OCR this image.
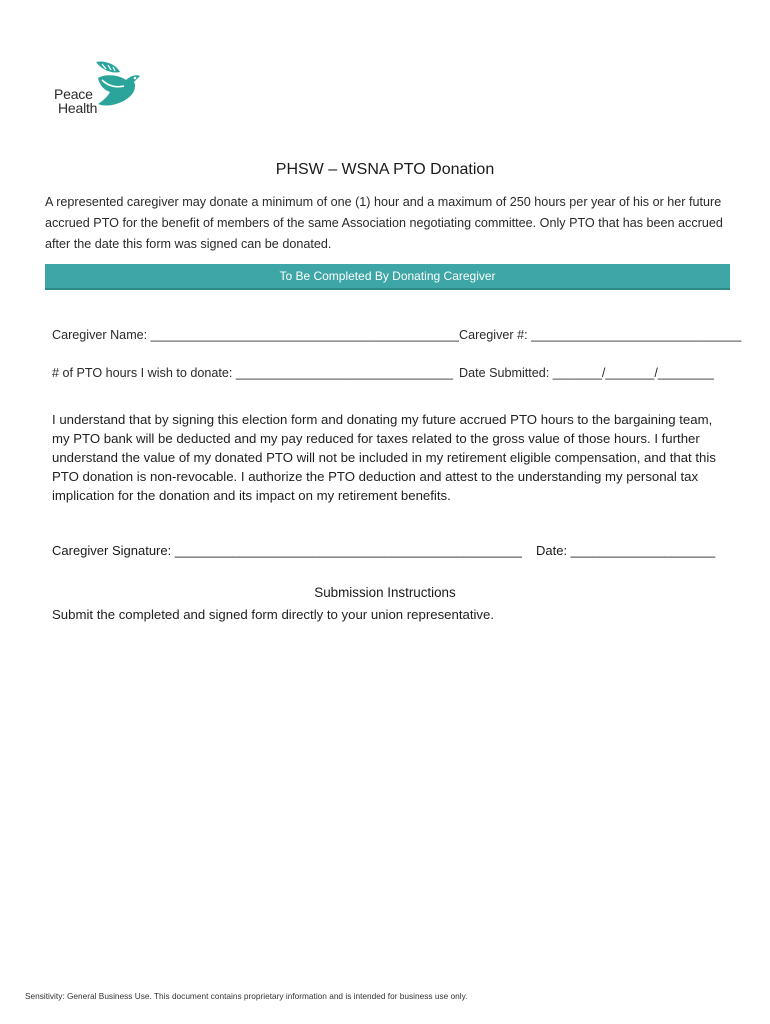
Peace
Health
PHSW – WSNA PTO Donation
A represented caregiver may donate a minimum of one (1) hour and a maximum of 250 hours per year of his or her future accrued PTO for the benefit of members of the same Association negotiating committee. Only PTO that has been accrued after the date this form was signed can be donated.
To Be Completed By Donating Caregiver
Caregiver Name: ____________________________________________ Caregiver #: ______________________________
# of PTO hours I wish to donate: _______________________________ Date Submitted: _______/_______/________
I understand that by signing this election form and donating my future accrued PTO hours to the bargaining team, my PTO bank will be deducted and my pay reduced for taxes related to the gross value of those hours. I further understand the value of my donated PTO will not be included in my retirement eligible compensation, and that this PTO donation is non-revocable. I authorize the PTO deduction and attest to the understanding my personal tax implication for the donation and its impact on my retirement benefits.
Caregiver Signature: ________________________________________________ Date: ____________________
Submission Instructions
Submit the completed and signed form directly to your union representative.
Sensitivity: General Business Use. This document contains proprietary information and is intended for business use only.
